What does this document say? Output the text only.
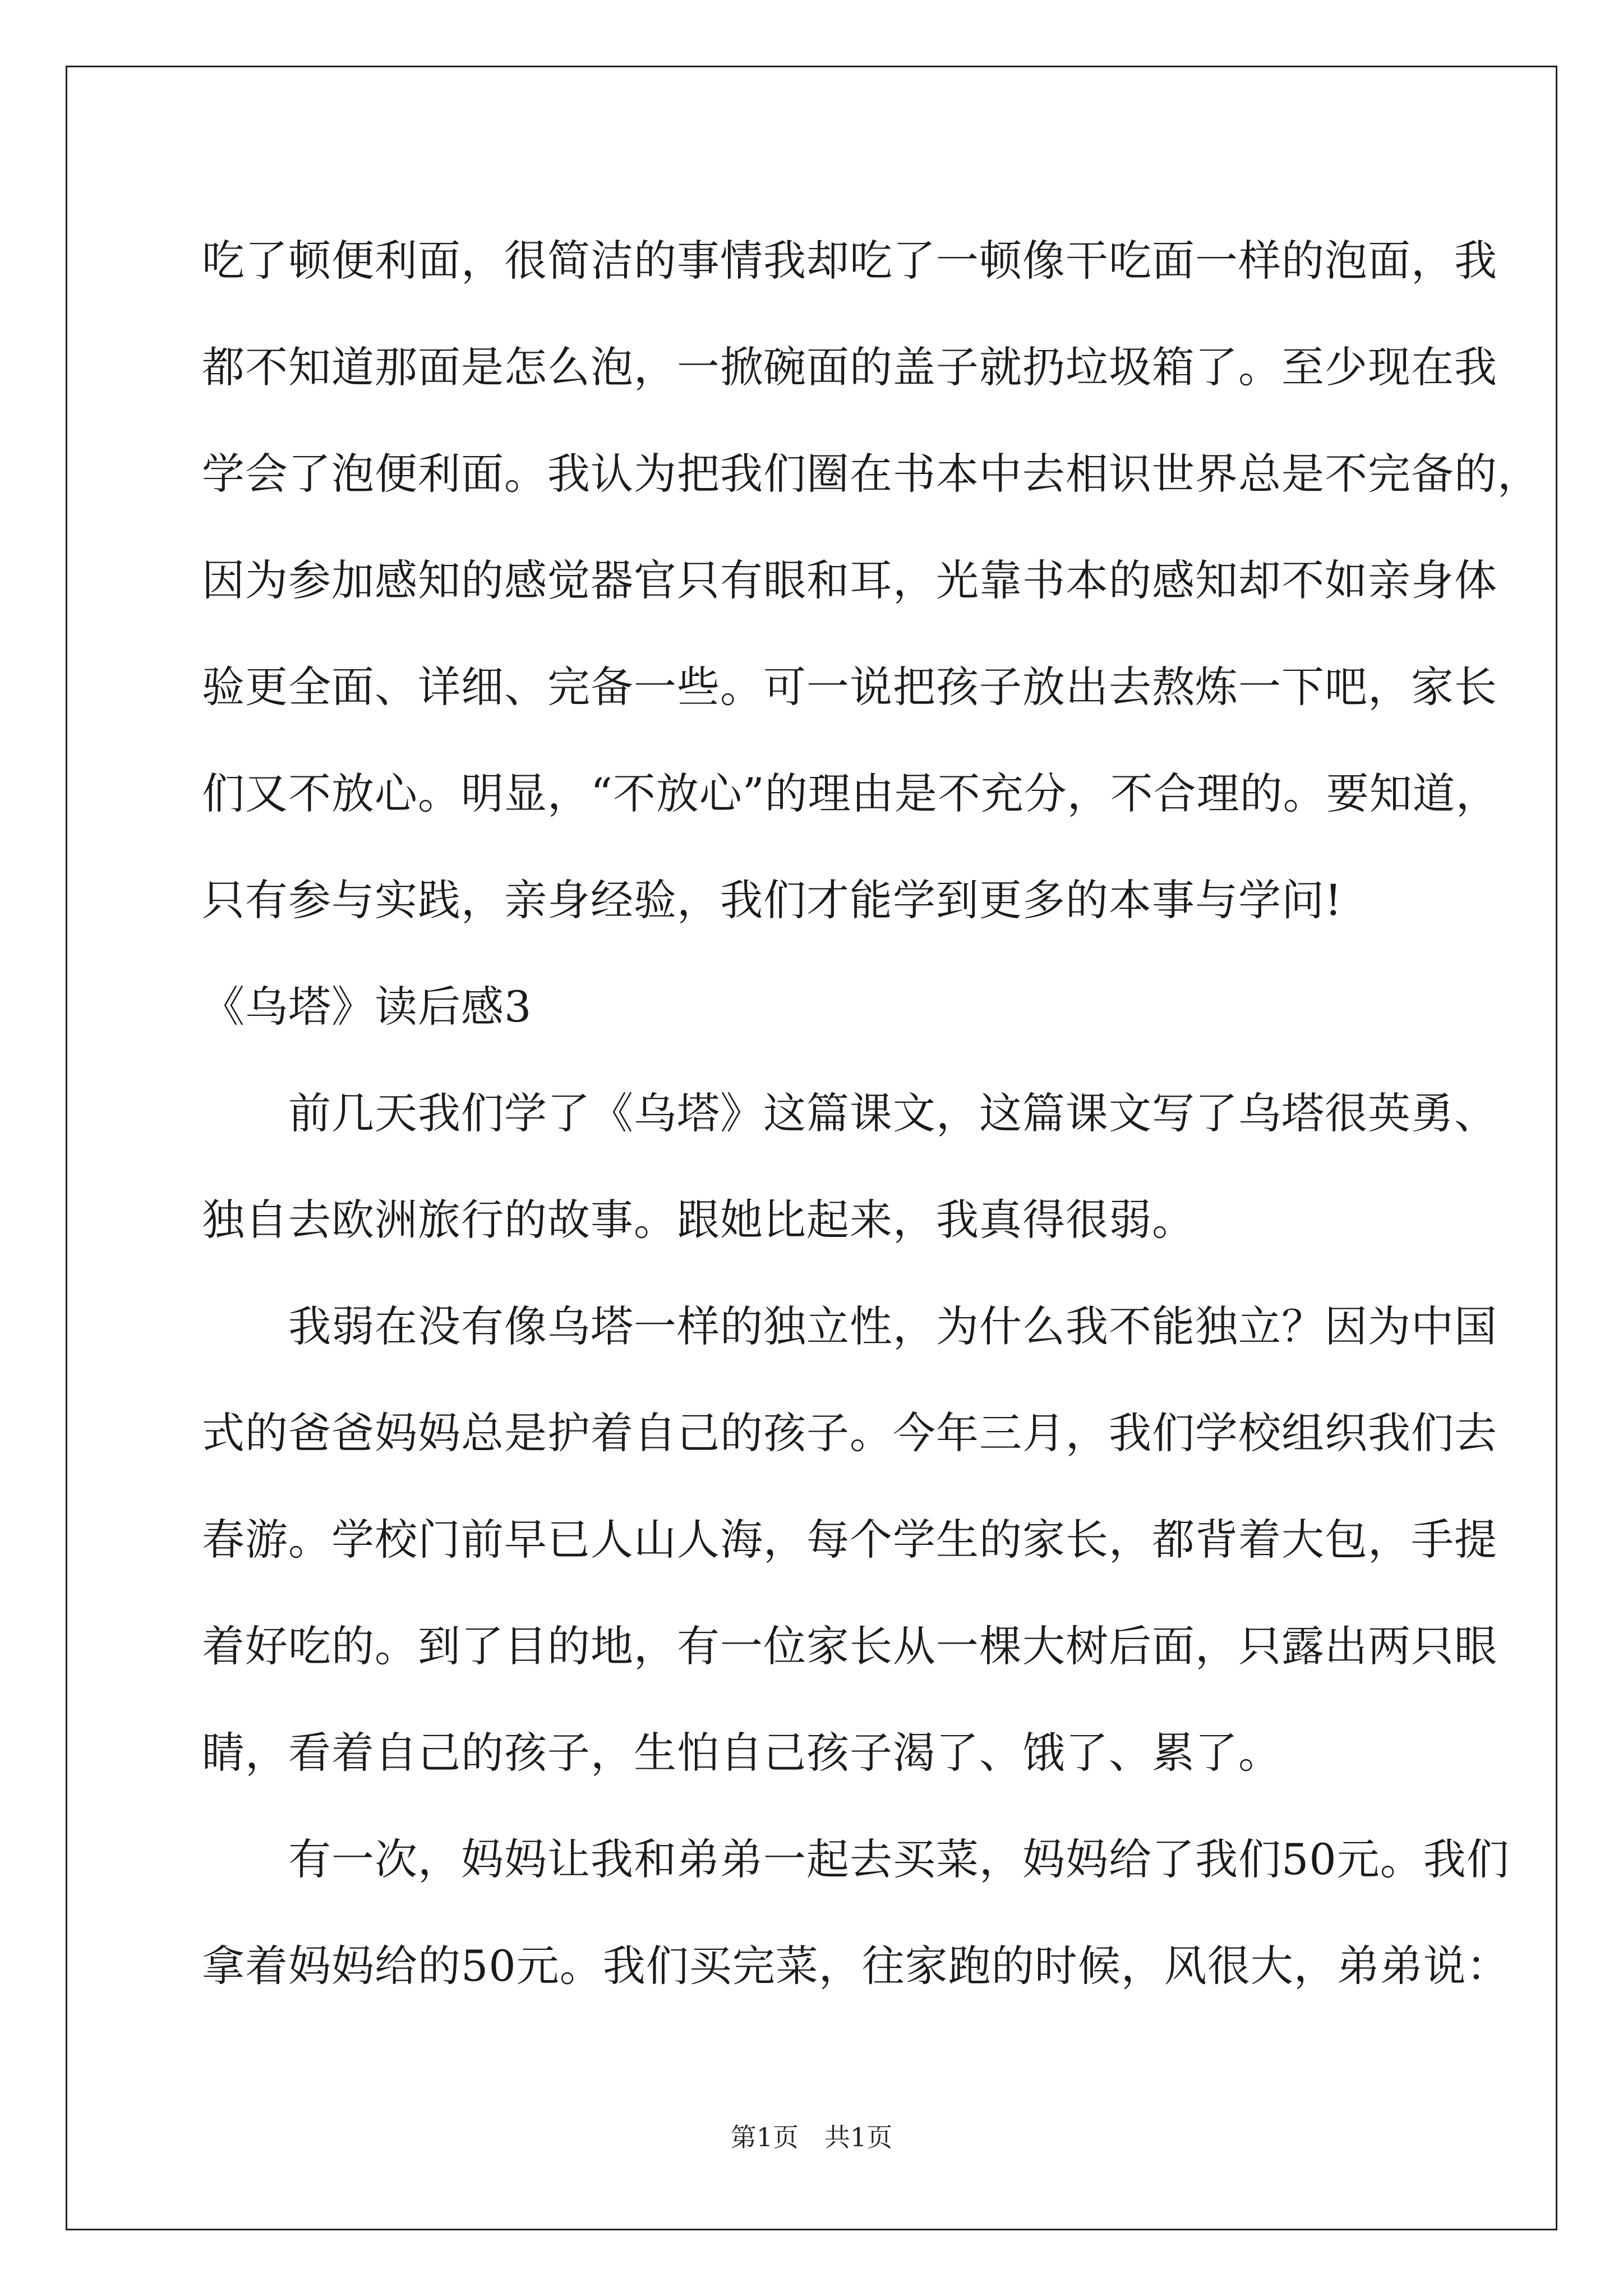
吃了顿便利面，很简洁的事情我却吃了一顿像干吃面一样的泡面，我
都不知道那面是怎么泡，一掀碗面的盖子就扔垃圾箱了。至少现在我
学会了泡便利面。我认为把我们圈在书本中去相识世界总是不完备的，
因为参加感知的感觉器官只有眼和耳，光靠书本的感知却不如亲身体
验更全面、详细、完备一些。可一说把孩子放出去熬炼一下吧，家长
们又不放心。明显，“不放心”的理由是不充分，不合理的。要知道，
只有参与实践，亲身经验，我们才能学到更多的本事与学问!
《乌塔》读后感3
　　前几天我们学了《乌塔》这篇课文，这篇课文写了乌塔很英勇、
独自去欧洲旅行的故事。跟她比起来，我真得很弱。
　　我弱在没有像乌塔一样的独立性，为什么我不能独立？因为中国
式的爸爸妈妈总是护着自己的孩子。今年三月，我们学校组织我们去
春游。学校门前早已人山人海，每个学生的家长，都背着大包，手提
着好吃的。到了目的地，有一位家长从一棵大树后面，只露出两只眼
睛，看着自己的孩子，生怕自己孩子渴了、饿了、累了。
　　有一次，妈妈让我和弟弟一起去买菜，妈妈给了我们50元。我们
拿着妈妈给的50元。我们买完菜，往家跑的时候，风很大，弟弟说：
第1页　共1页
